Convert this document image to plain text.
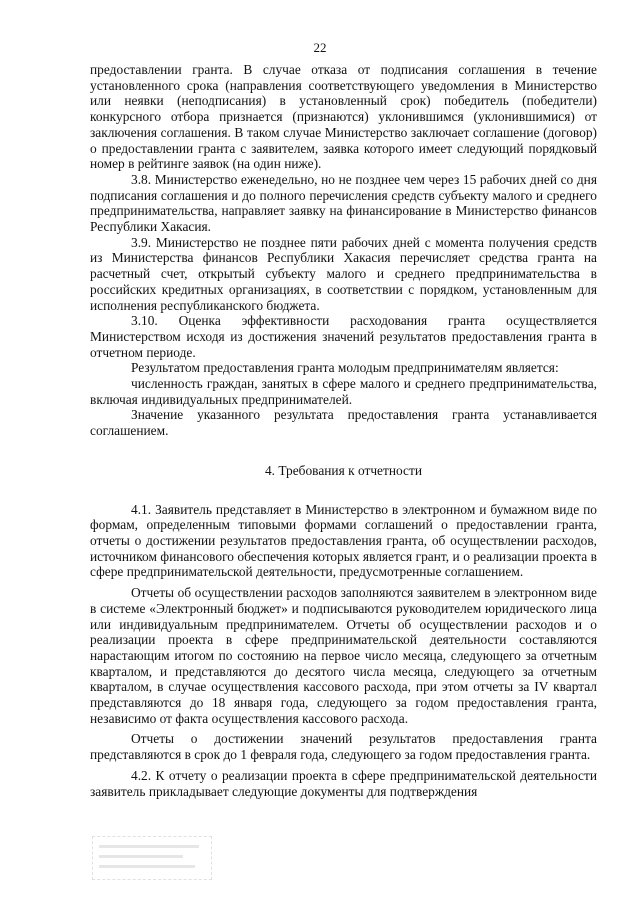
22

предоставлении гранта. В случае отказа от подписания соглашения в течение установленного срока (направления соответствующего уведомления в Министерство или неявки (неподписания) в установленный срок) победитель (победители) конкурсного отбора признается (признаются) уклонившимся (уклонившимися) от заключения соглашения. В таком случае Министерство заключает соглашение (договор) о предоставлении гранта с заявителем, заявка которого имеет следующий порядковый номер в рейтинге заявок (на один ниже).

3.8. Министерство еженедельно, но не позднее чем через 15 рабочих дней со дня подписания соглашения и до полного перечисления средств субъекту малого и среднего предпринимательства, направляет заявку на финансирование в Министерство финансов Республики Хакасия.

3.9. Министерство не позднее пяти рабочих дней с момента получения средств из Министерства финансов Республики Хакасия перечисляет средства гранта на расчетный счет, открытый субъекту малого и среднего предпринимательства в российских кредитных организациях, в соответствии с порядком, установленным для исполнения республиканского бюджета.

3.10. Оценка эффективности расходования гранта осуществляется Министерством исходя из достижения значений результатов предоставления гранта в отчетном периоде.

Результатом предоставления гранта молодым предпринимателям является:

численность граждан, занятых в сфере малого и среднего предпринимательства, включая индивидуальных предпринимателей.

Значение указанного результата предоставления гранта устанавливается соглашением.

4. Требования к отчетности

4.1. Заявитель представляет в Министерство в электронном и бумажном виде по формам, определенным типовыми формами соглашений о предоставлении гранта, отчеты о достижении результатов предоставления гранта, об осуществлении расходов, источником финансового обеспечения которых является грант, и о реализации проекта в сфере предпринимательской деятельности, предусмотренные соглашением.

Отчеты об осуществлении расходов заполняются заявителем в электронном виде в системе «Электронный бюджет» и подписываются руководителем юридического лица или индивидуальным предпринимателем. Отчеты об осуществлении расходов и о реализации проекта в сфере предпринимательской деятельности составляются нарастающим итогом по состоянию на первое число месяца, следующего за отчетным кварталом, и представляются до десятого числа месяца, следующего за отчетным кварталом, в случае осуществления кассового расхода, при этом отчеты за IV квартал представляются до 18 января года, следующего за годом предоставления гранта, независимо от факта осуществления кассового расхода.

Отчеты о достижении значений результатов предоставления гранта представляются в срок до 1 февраля года, следующего за годом предоставления гранта.

4.2. К отчету о реализации проекта в сфере предпринимательской деятельности заявитель прикладывает следующие документы для подтверждения
